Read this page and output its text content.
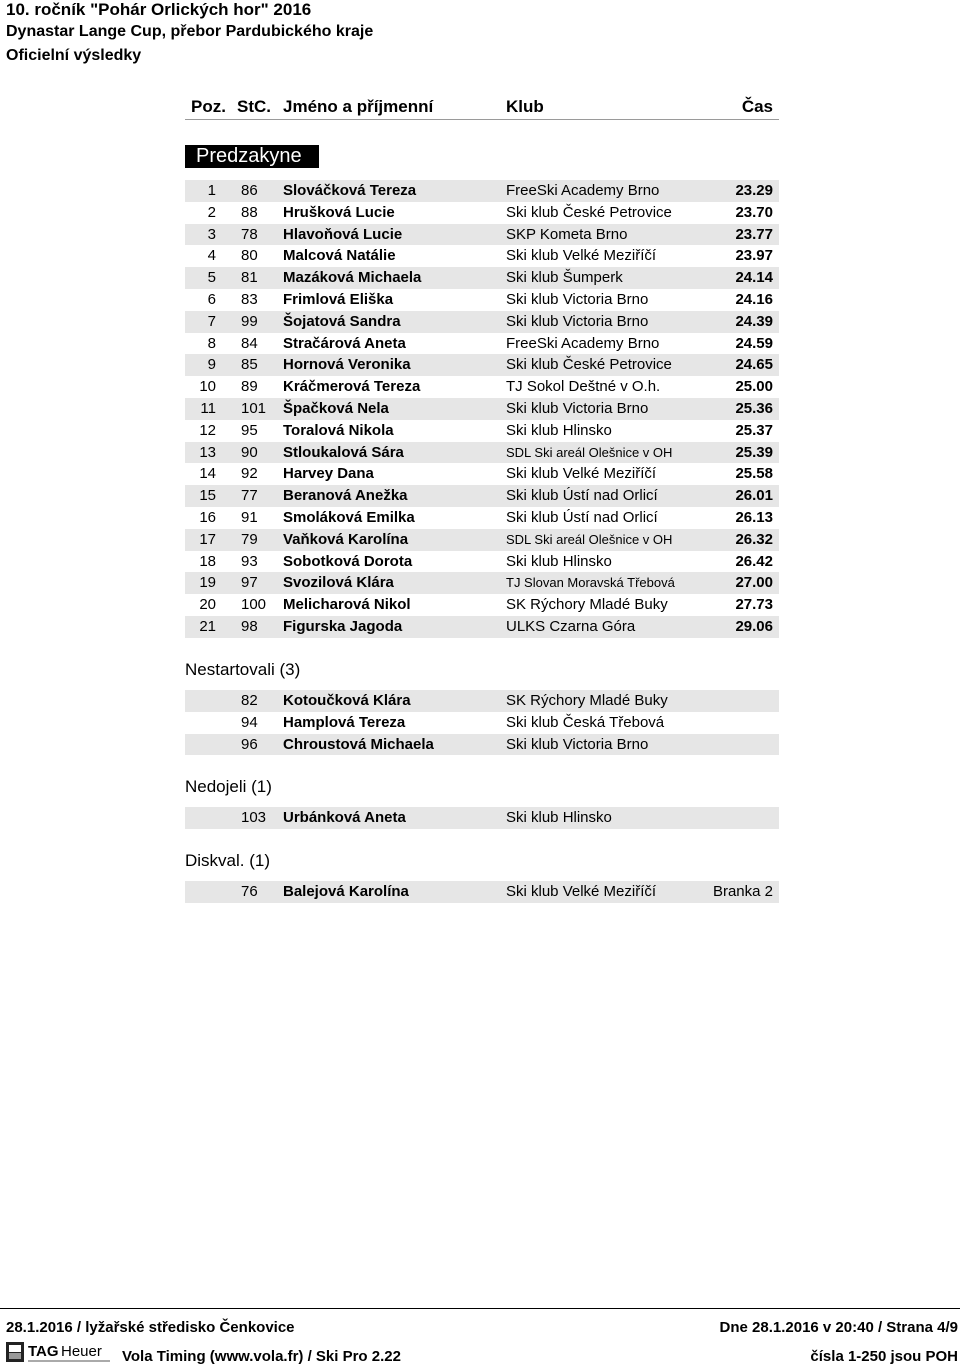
10. ročník "Pohár Orlických hor" 2016
Dynastar Lange Cup, přebor Pardubického kraje
Oficielní výsledky
Poz. StC. Jméno a příjmenní	Klub	Čas
Predzakyne
1 86 Slováčková Tereza	FreeSki Academy Brno	23.29
2 88 Hrušková Lucie	Ski klub České Petrovice	23.70
3 78 Hlavoňová Lucie	SKP Kometa Brno	23.77
4 80 Malcová Natálie	Ski klub Velké Meziříčí	23.97
5 81 Mazáková Michaela	Ski klub Šumperk	24.14
6 83 Frimlová Eliška	Ski klub Victoria Brno	24.16
7 99 Šojatová Sandra	Ski klub Victoria Brno	24.39
8 84 Stračárová Aneta	FreeSki Academy Brno	24.59
9 85 Hornová Veronika	Ski klub České Petrovice	24.65
10 89 Kráčmerová Tereza	TJ Sokol Deštné v O.h.	25.00
11 101 Špačková Nela	Ski klub Victoria Brno	25.36
12 95 Toralová Nikola	Ski klub Hlinsko	25.37
13 90 Stloukalová Sára	SDL Ski areál Olešnice v OH	25.39
14 92 Harvey Dana	Ski klub Velké Meziříčí	25.58
15 77 Beranová Anežka	Ski klub Ústí nad Orlicí	26.01
16 91 Smoláková Emilka	Ski klub Ústí nad Orlicí	26.13
17 79 Vaňková Karolína	SDL Ski areál Olešnice v OH	26.32
18 93 Sobotková Dorota	Ski klub Hlinsko	26.42
19 97 Svozilová Klára	TJ Slovan Moravská Třebová	27.00
20 100 Melicharová Nikol	SK Rýchory Mladé Buky	27.73
21 98 Figurska Jagoda	ULKS Czarna Góra	29.06
Nestartovali (3)
82 Kotoučková Klára	SK Rýchory Mladé Buky
94 Hamplová Tereza	Ski klub Česká Třebová
96 Chroustová Michaela	Ski klub Victoria Brno
Nedojeli (1)
103 Urbánková Aneta	Ski klub Hlinsko
Diskval. (1)
76 Balejová Karolína	Ski klub Velké Meziříčí	Branka 2
28.1.2016 / lyžařské středisko Čenkovice	Dne 28.1.2016 v 20:40 / Strana 4/9
Vola Timing (www.vola.fr) / Ski Pro 2.22	čísla 1-250 jsou POH
TAG Heuer
